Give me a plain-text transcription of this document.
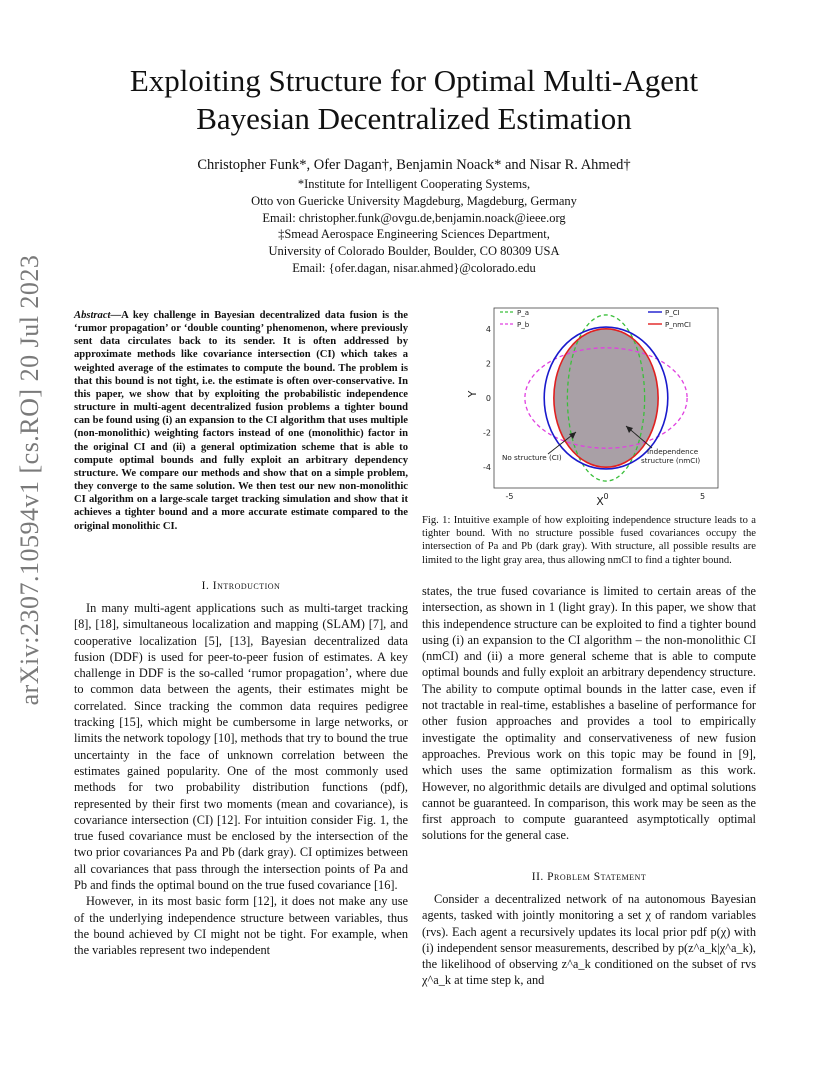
arXiv:2307.10594v1 [cs.RO] 20 Jul 2023
Exploiting Structure for Optimal Multi-Agent
Bayesian Decentralized Estimation
Christopher Funk*, Ofer Dagan†, Benjamin Noack* and Nisar R. Ahmed†
*Institute for Intelligent Cooperating Systems,
Otto von Guericke University Magdeburg, Magdeburg, Germany
Email: christopher.funk@ovgu.de,benjamin.noack@ieee.org
‡Smead Aerospace Engineering Sciences Department,
University of Colorado Boulder, Boulder, CO 80309 USA
Email: {ofer.dagan, nisar.ahmed}@colorado.edu
Abstract—A key challenge in Bayesian decentralized data fusion is the ‘rumor propagation’ or ‘double counting’ phenomenon, where previously sent data circulates back to its sender. It is often addressed by approximate methods like covariance intersection (CI) which takes a weighted average of the estimates to compute the bound. The problem is that this bound is not tight, i.e. the estimate is often over-conservative. In this paper, we show that by exploiting the probabilistic independence structure in multi-agent decentralized fusion problems a tighter bound can be found using (i) an expansion to the CI algorithm that uses multiple (non-monolithic) weighting factors instead of one (monolithic) factor in the original CI and (ii) a general optimization scheme that is able to compute optimal bounds and fully exploit an arbitrary dependency structure. We compare our methods and show that on a simple problem, they converge to the same solution. We then test our new non-monolithic CI algorithm on a large-scale target tracking simulation and show that it achieves a tighter bound and a more accurate estimate compared to the original monolithic CI.
I. Introduction

In many multi-agent applications such as multi-target tracking [8], [18], simultaneous localization and mapping (SLAM) [7], and cooperative localization [5], [13], Bayesian decentralized data fusion (DDF) is used for peer-to-peer fusion of estimates. A key challenge in DDF is the so-called ‘rumor propagation’, where due to common data between the agents, their estimates might be correlated. Since tracking the common data requires pedigree tracking [15], which might be cumbersome in large networks, or limits the network topology [10], methods that try to bound the true uncertainty in the face of unknown correlation between the estimates gained popularity. One of the most commonly used methods for two probability distribution functions (pdf), represented by their first two moments (mean and covariance), is covariance intersection (CI) [12]. For intuition consider Fig. 1, the true fused covariance must be enclosed by the intersection of the two prior covariances Pa and Pb (dark gray). CI optimizes between all covariances that pass through the intersection points of Pa and Pb and finds the optimal bound on the true fused covariance [16].

However, in its most basic form [12], it does not make any use of the underlying independence structure between variables, thus the bound achieved by CI might not be tight. For example, when the variables represent two independent

-5	0	5
4
2
0
-2
-4
X
Y
P_a
P_b
P_CI
P_nmCI
No structure (CI)
Independence
structure (nmCI)
Fig. 1: Intuitive example of how exploiting independence structure leads to a tighter bound. With no structure possible fused covariances occupy the intersection of Pa and Pb (dark gray). With structure, all possible results are limited to the light gray area, thus allowing nmCI to find a tighter bound.

states, the true fused covariance is limited to certain areas of the intersection, as shown in 1 (light gray). In this paper, we show that this independence structure can be exploited to find a tighter bound using (i) an expansion to the CI algorithm – the non-monolithic CI (nmCI) and (ii) a more general scheme that is able to compute optimal bounds and fully exploit an arbitrary dependency structure. The ability to compute optimal bounds in the latter case, even if not tractable in real-time, establishes a baseline of performance for other fusion approaches and provides a tool to empirically investigate the optimality and conservativeness of new fusion approaches. Previous work on this topic may be found in [9], which uses the same optimization formalism as this work. However, no algorithmic details are divulged and optimal solutions cannot be guaranteed. In comparison, this work may be seen as the first approach to compute guaranteed asymptotically optimal solutions for the general case.

II. Problem Statement

Consider a decentralized network of na autonomous Bayesian agents, tasked with jointly monitoring a set χ of random variables (rvs). Each agent a recursively updates its local prior pdf p(χ) with (i) independent sensor measurements, described by p(z^a_k|χ^a_k), the likelihood of observing z^a_k conditioned on the subset of rvs χ^a_k at time step k, and
